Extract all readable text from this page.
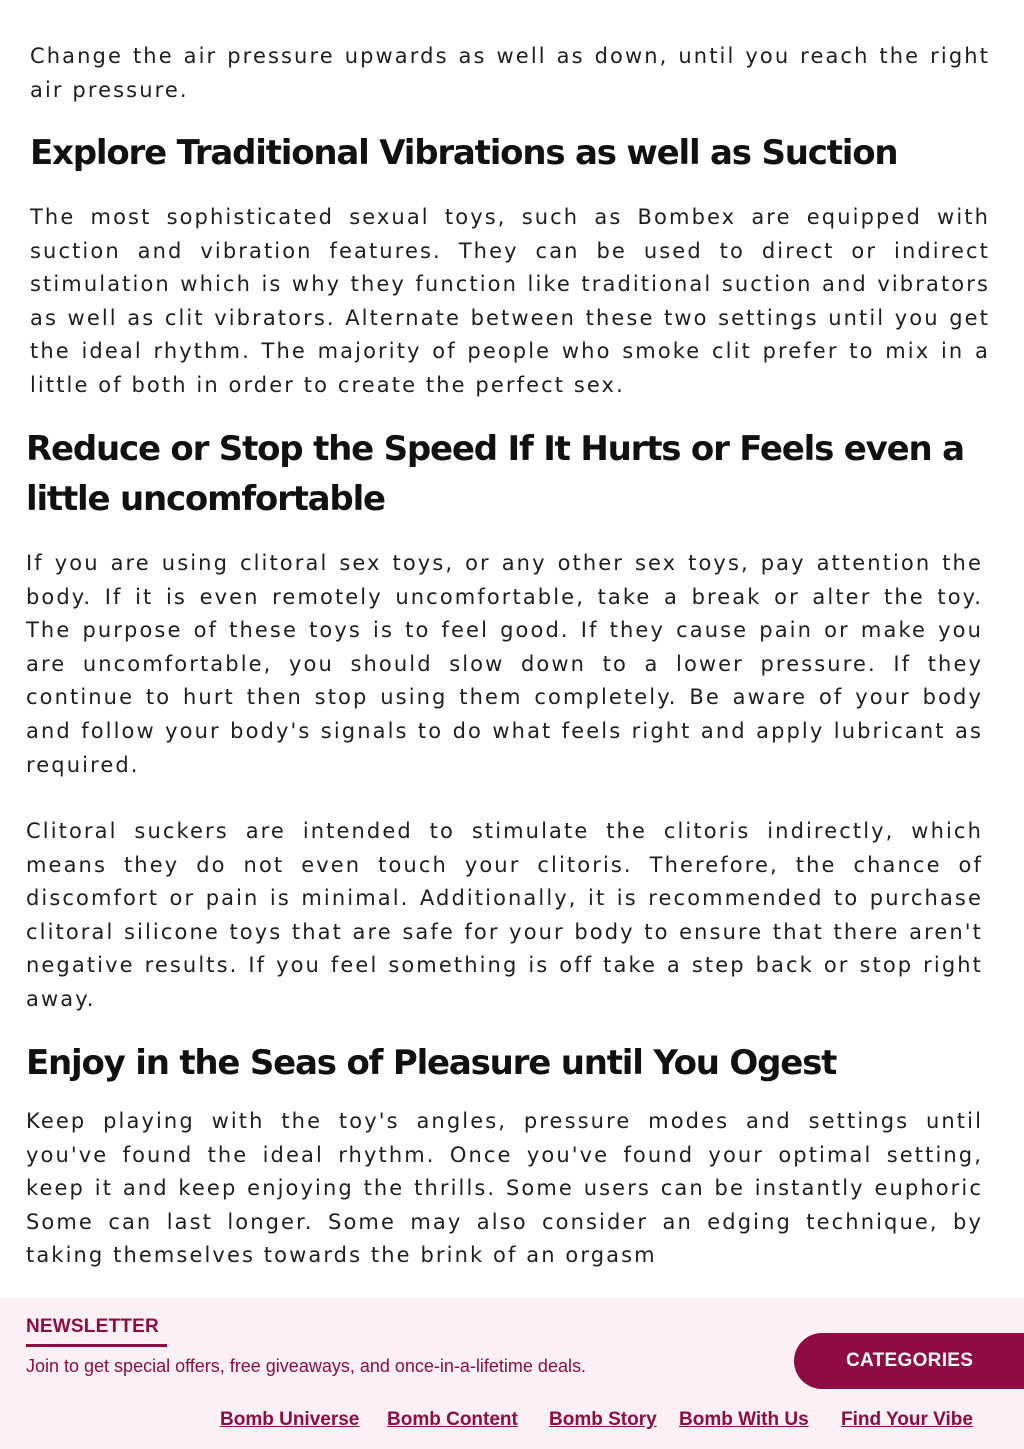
Change the air pressure upwards as well as down, until you reach the right air pressure.

Explore Traditional Vibrations as well as Suction

The most sophisticated sexual toys, such as Bombex are equipped with suction and vibration features. They can be used to direct or indirect stimulation which is why they function like traditional suction and vibrators as well as clit vibrators. Alternate between these two settings until you get the ideal rhythm. The majority of people who smoke clit prefer to mix in a little of both in order to create the perfect sex.

Reduce or Stop the Speed If It Hurts or Feels even a little uncomfortable

If you are using clitoral sex toys, or any other sex toys, pay attention the body. If it is even remotely uncomfortable, take a break or alter the toy. The purpose of these toys is to feel good. If they cause pain or make you are uncomfortable, you should slow down to a lower pressure. If they continue to hurt then stop using them completely. Be aware of your body and follow your body's signals to do what feels right and apply lubricant as required.

Clitoral suckers are intended to stimulate the clitoris indirectly, which means they do not even touch your clitoris. Therefore, the chance of discomfort or pain is minimal. Additionally, it is recommended to purchase clitoral silicone toys that are safe for your body to ensure that there aren't negative results. If you feel something is off take a step back or stop right away.

Enjoy in the Seas of Pleasure until You Ogest

Keep playing with the toy's angles, pressure modes and settings until you've found the ideal rhythm. Once you've found your optimal setting, keep it and keep enjoying the thrills. Some users can be instantly euphoric Some can last longer. Some may also consider an edging technique, by taking themselves towards the brink of an orgasm

NEWSLETTER
Join to get special offers, free giveaways, and once-in-a-lifetime deals.	CATEGORIES
Bomb Universe Bomb Content Bomb Story Bomb With Us Find Your Vibe
